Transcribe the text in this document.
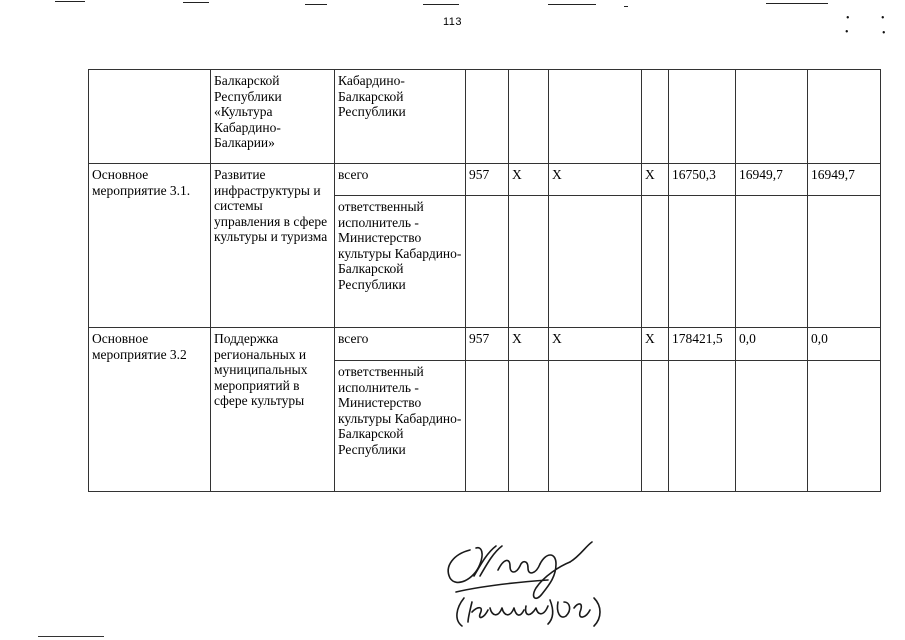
•	•
•	•
113
	Балкарской Республики «Культура Кабардино-Балкарии»	Кабардино-Балкарской Республики							
Основное мероприятие 3.1.	Развитие инфраструктуры и системы управления в сфере культуры и туризма	всего	957	Х	Х	Х	16750,3	16949,7	16949,7
		ответственный исполнитель - Министерство культуры Кабардино-Балкарской Республики							
Основное мероприятие 3.2	Поддержка региональных и муниципальных мероприятий в сфере культуры	всего	957	Х	Х	Х	178421,5	0,0	0,0
		ответственный исполнитель - Министерство культуры Кабардино-Балкарской Республики							
